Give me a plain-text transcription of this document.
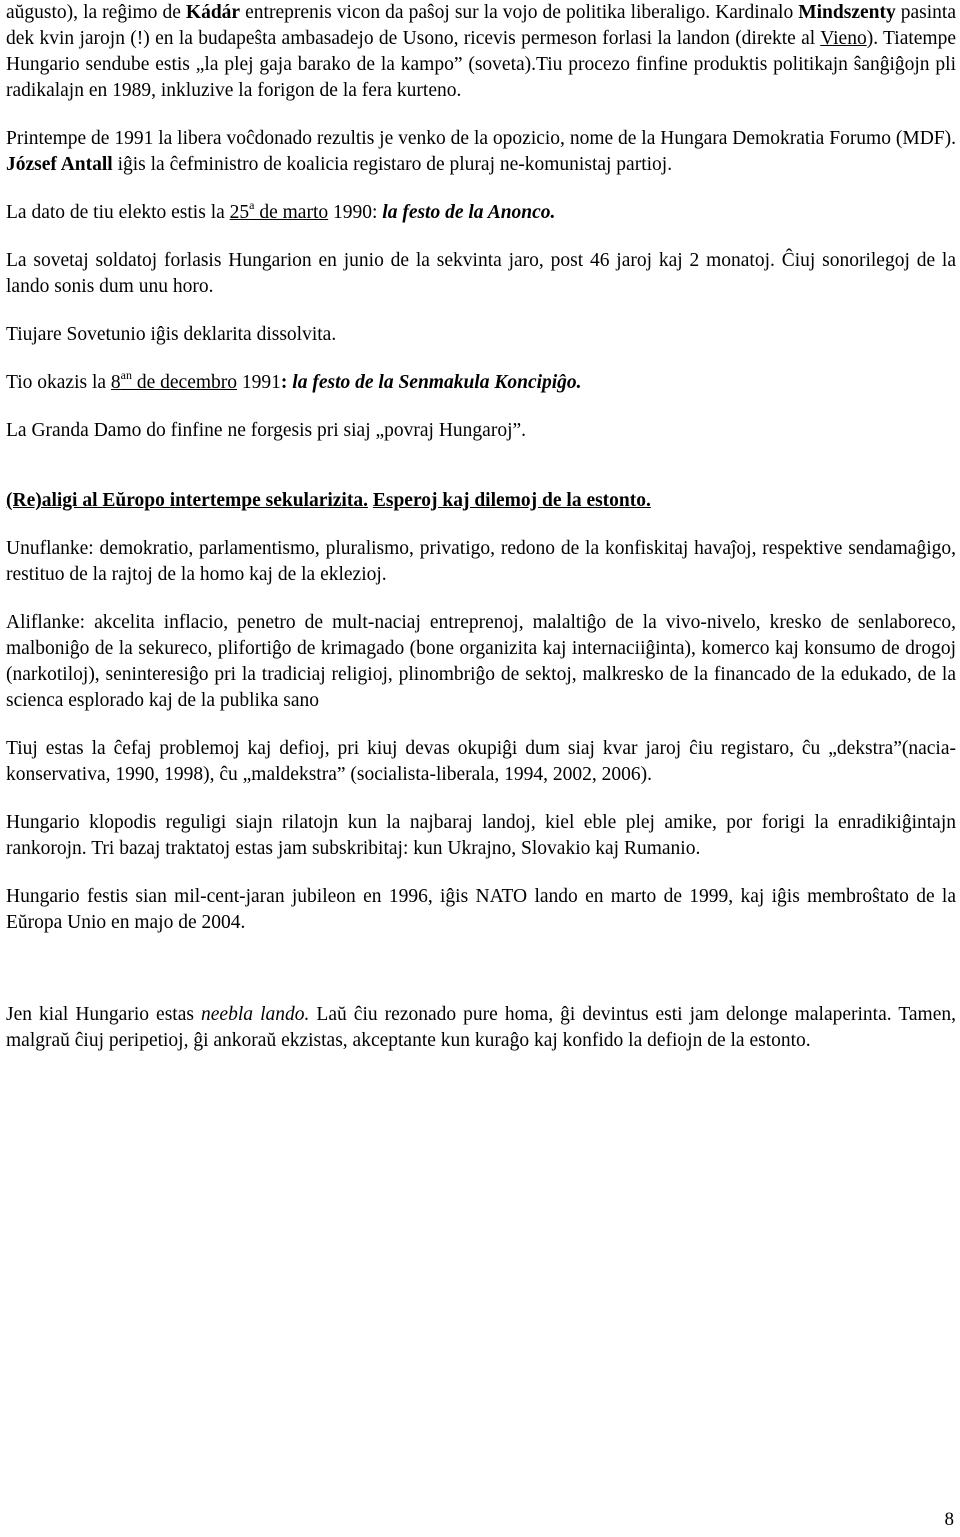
aŭgusto), la reĝimo de Kádár entreprenis vicon da paŝoj sur la vojo de politika liberaligo. Kardinalo Mindszenty pasinta dek kvin jarojn (!) en la budapeŝta ambasadejo de Usono, ricevis permeson forlasi la landon (direkte al Vieno). Tiatempe Hungario sendube estis „la plej gaja barako de la kampo” (soveta).Tiu procezo finfine produktis politikajn ŝanĝiĝojn pli radikalajn en 1989, inkluzive la forigon de la fera kurteno.

Printempe de 1991 la libera voĉdonado rezultis je venko de la opozicio, nome de la Hungara Demokratia Forumo (MDF). József Antall iĝis la ĉefministro de koalicia registaro de pluraj ne-komunistaj partioj.

La dato de tiu elekto estis la 25$^a$ de marto 1990: la festo de la Anonco.

La sovetaj soldatoj forlasis Hungarion en junio de la sekvinta jaro, post 46 jaroj kaj 2 monatoj. Ĉiuj sonorilegoj de la lando sonis dum unu horo.

Tiujare Sovetunio iĝis deklarita dissolvita.

Tio okazis la $8^{an}$ de decembro 1991: la festo de la Senmakula Koncipiĝo.

La Granda Damo do finfine ne forgesis pri siaj „povraj Hungaroj”.

(Re)aligi al Eŭropo intertempe sekularizita. Esperoj kaj dilemoj de la estonto.

Unuflanke: demokratio, parlamentismo, pluralismo, privatigo, redono de la konfiskitaj havaĵoj, respektive sendamaĝigo, restituo de la rajtoj de la homo kaj de la eklezioj.

Aliflanke: akcelita inflacio, penetro de mult-naciaj entreprenoj, malaltiĝo de la vivo-nivelo, kresko de senlaboreco, malboniĝo de la sekureco, plifortiĝo de krimagado (bone organizita kaj internaciiĝinta), komerco kaj konsumo de drogoj (narkotiloj), seninteresiĝo pri la tradiciaj religioj, plinombriĝo de sektoj, malkresko de la financado de la edukado, de la scienca esplorado kaj de la publika sano

Tiuj estas la ĉefaj problemoj kaj defioj, pri kiuj devas okupiĝi dum siaj kvar jaroj ĉiu registaro, ĉu „dekstra”(nacia-konservativa, 1990, 1998), ĉu „maldekstra” (socialista-liberala, 1994, 2002, 2006).

Hungario klopodis reguligi siajn rilatojn kun la najbaraj landoj, kiel eble plej amike, por forigi la enradikiĝintajn rankorojn. Tri bazaj traktatoj estas jam subskribitaj: kun Ukrajno, Slovakio kaj Rumanio.

Hungario festis sian mil-cent-jaran jubileon en 1996, iĝis NATO lando en marto de 1999, kaj iĝis membroŝtato de la Eŭropa Unio en majo de 2004.

Jen kial Hungario estas neebla lando. Laŭ ĉiu rezonado pure homa, ĝi devintus esti jam delonge malaperinta. Tamen, malgraŭ ĉiuj peripetioj, ĝi ankoraŭ ekzistas, akceptante kun kuraĝo kaj konfido la defiojn de la estonto.

8
